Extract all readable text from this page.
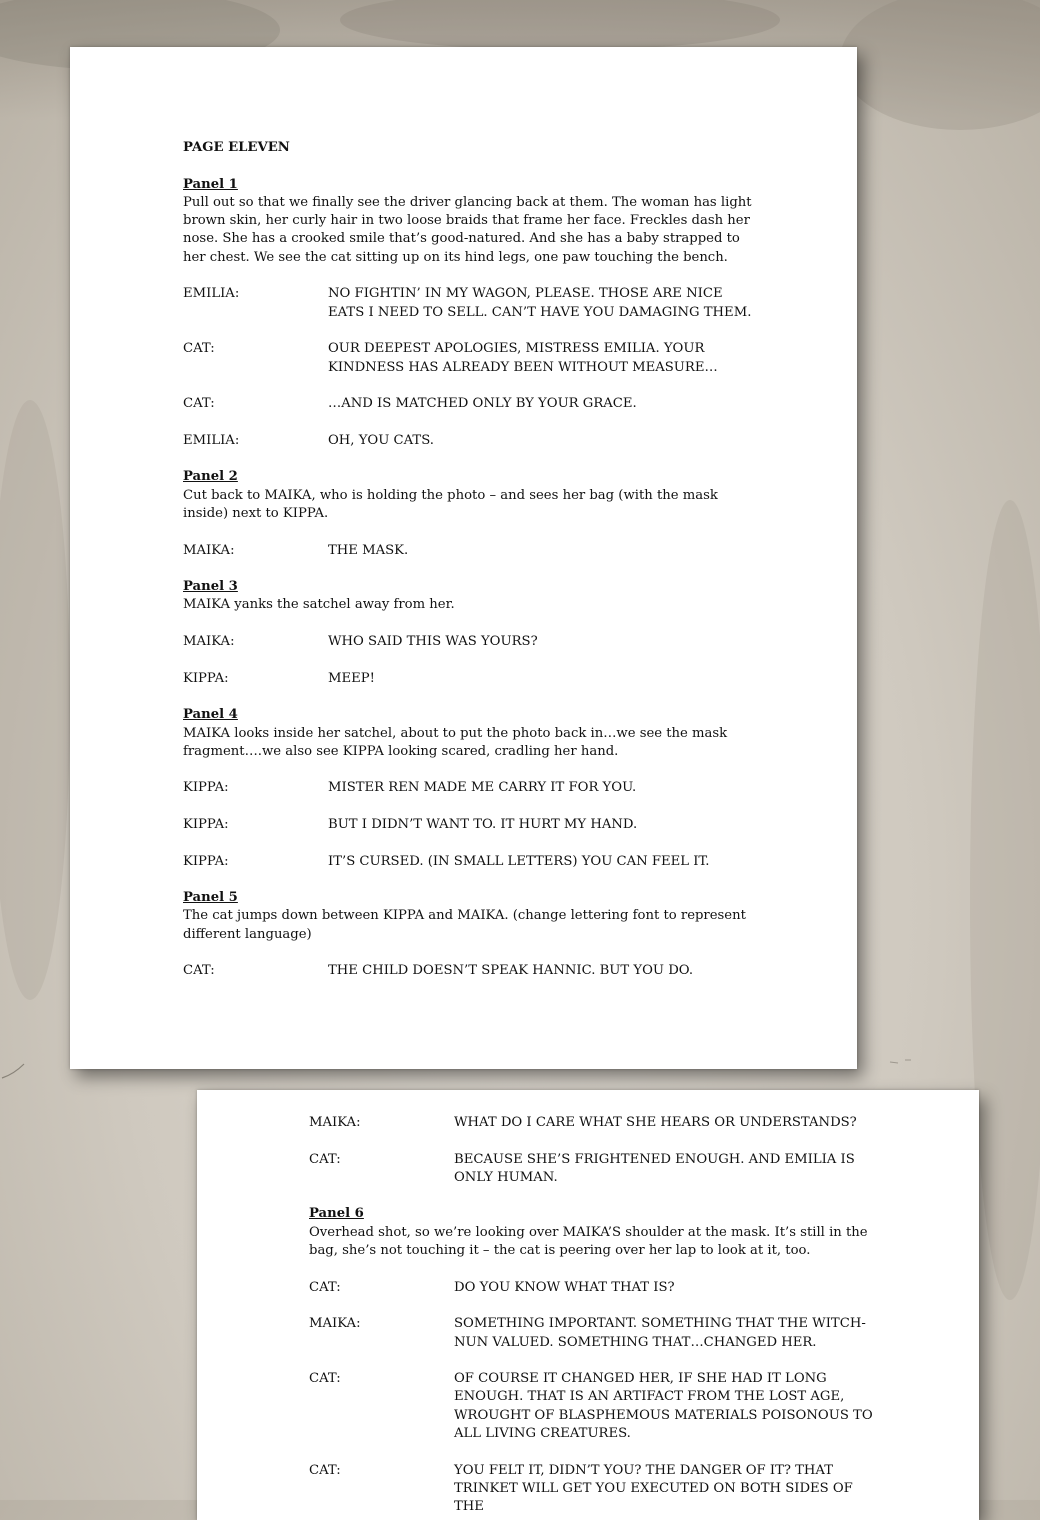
PAGE ELEVEN

Panel 1

Pull out so that we finally see the driver glancing back at them. The woman has light brown skin, her curly hair in two loose braids that frame her face. Freckles dash her nose. She has a crooked smile that’s good-natured. And she has a baby strapped to her chest. We see the cat sitting up on its hind legs, one paw touching the bench.

EMILIA:	NO FIGHTIN’ IN MY WAGON, PLEASE. THOSE ARE NICE EATS I NEED TO SELL. CAN’T HAVE YOU DAMAGING THEM.
CAT:	OUR DEEPEST APOLOGIES, MISTRESS EMILIA. YOUR KINDNESS HAS ALREADY BEEN WITHOUT MEASURE…
CAT:	…AND IS MATCHED ONLY BY YOUR GRACE.
EMILIA:	OH, YOU CATS.

Panel 2

Cut back to MAIKA, who is holding the photo – and sees her bag (with the mask inside) next to KIPPA.

MAIKA:	THE MASK.

Panel 3

MAIKA yanks the satchel away from her.

MAIKA:	WHO SAID THIS WAS YOURS?
KIPPA:	MEEP!

Panel 4

MAIKA looks inside her satchel, about to put the photo back in…we see the mask fragment….we also see KIPPA looking scared, cradling her hand.

KIPPA:	MISTER REN MADE ME CARRY IT FOR YOU.
KIPPA:	BUT I DIDN’T WANT TO. IT HURT MY HAND.
KIPPA:	IT’S CURSED. (IN SMALL LETTERS) YOU CAN FEEL IT.

Panel 5

The cat jumps down between KIPPA and MAIKA. (change lettering font to represent different language)

CAT:	THE CHILD DOESN’T SPEAK HANNIC. BUT YOU DO.
MAIKA:	WHAT DO I CARE WHAT SHE HEARS OR UNDERSTANDS?
CAT:	BECAUSE SHE’S FRIGHTENED ENOUGH. AND EMILIA IS ONLY HUMAN.

Panel 6

Overhead shot, so we’re looking over MAIKA’S shoulder at the mask. It’s still in the bag, she’s not touching it – the cat is peering over her lap to look at it, too.

CAT:	DO YOU KNOW WHAT THAT IS?
MAIKA:	SOMETHING IMPORTANT. SOMETHING THAT THE WITCH-NUN VALUED. SOMETHING THAT…CHANGED HER.
CAT:	OF COURSE IT CHANGED HER, IF SHE HAD IT LONG ENOUGH. THAT IS AN ARTIFACT FROM THE LOST AGE, WROUGHT OF BLASPHEMOUS MATERIALS POISONOUS TO ALL LIVING CREATURES.
CAT:	YOU FELT IT, DIDN’T YOU? THE DANGER OF IT? THAT TRINKET WILL GET YOU EXECUTED ON BOTH SIDES OF THE
